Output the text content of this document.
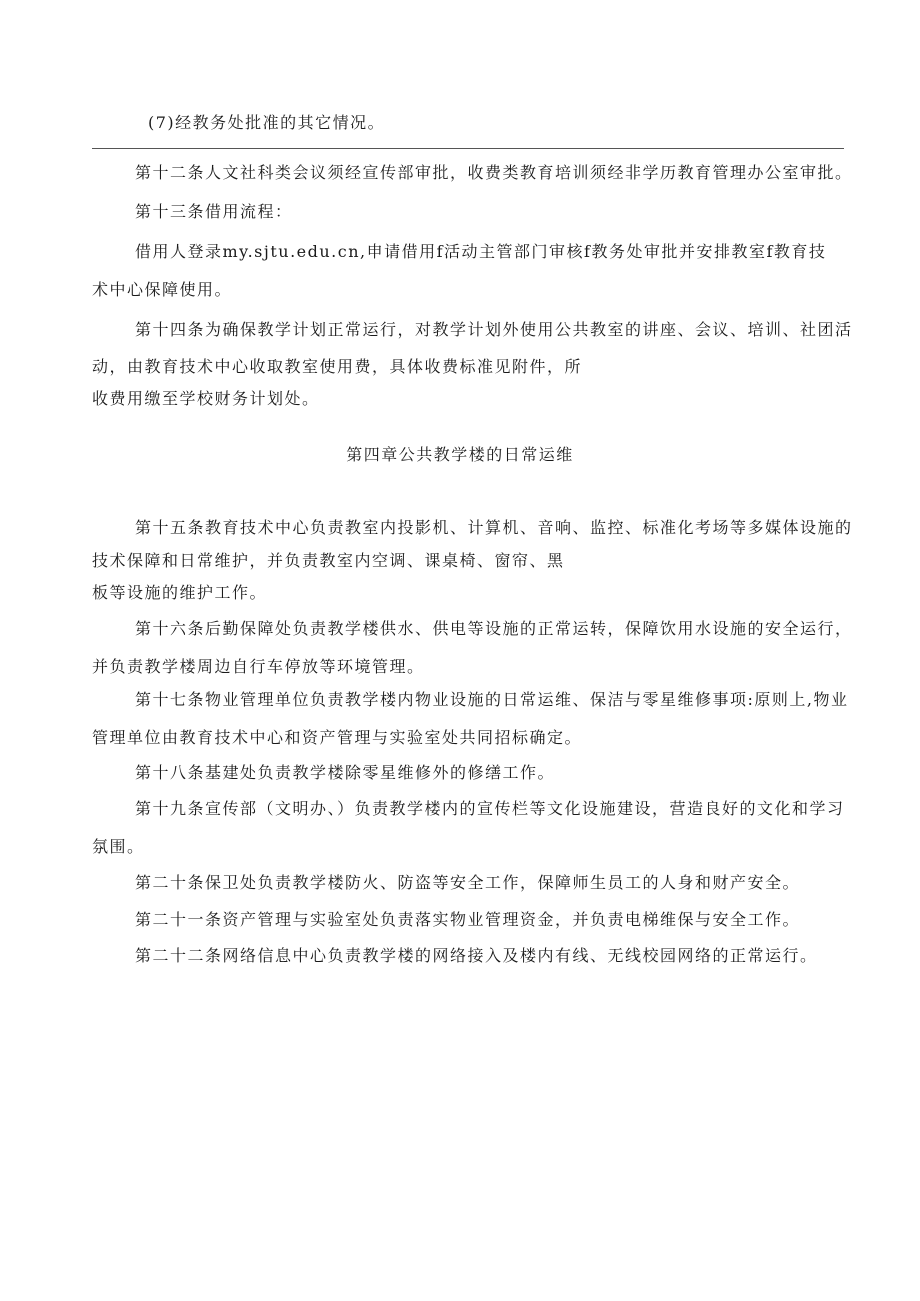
(7)经教务处批准的其它情况。
第十二条人文社科类会议须经宣传部审批，收费类教育培训须经非学历教育管理办公室审批。
第十三条借用流程：
借用人登录my.sjtu.edu.cn,申请借用f活动主管部门审核f教务处审批并安排教室f教育技
术中心保障使用。
第十四条为确保教学计划正常运行，对教学计划外使用公共教室的讲座、会议、培训、社团活
动，由教育技术中心收取教室使用费，具体收费标准见附件，所
收费用缴至学校财务计划处。
第四章公共教学楼的日常运维
第十五条教育技术中心负责教室内投影机、计算机、音响、监控、标准化考场等多媒体设施的
技术保障和日常维护，并负责教室内空调、课桌椅、窗帘、黑
板等设施的维护工作。
第十六条后勤保障处负责教学楼供水、供电等设施的正常运转，保障饮用水设施的安全运行，
并负责教学楼周边自行车停放等环境管理。
第十七条物业管理单位负责教学楼内物业设施的日常运维、保洁与零星维修事项:原则上,物业
管理单位由教育技术中心和资产管理与实验室处共同招标确定。
第十八条基建处负责教学楼除零星维修外的修缮工作。
第十九条宣传部（文明办、）负责教学楼内的宣传栏等文化设施建设，营造良好的文化和学习
氛围。
第二十条保卫处负责教学楼防火、防盗等安全工作，保障师生员工的人身和财产安全。
第二十一条资产管理与实验室处负责落实物业管理资金，并负责电梯维保与安全工作。
第二十二条网络信息中心负责教学楼的网络接入及楼内有线、无线校园网络的正常运行。
